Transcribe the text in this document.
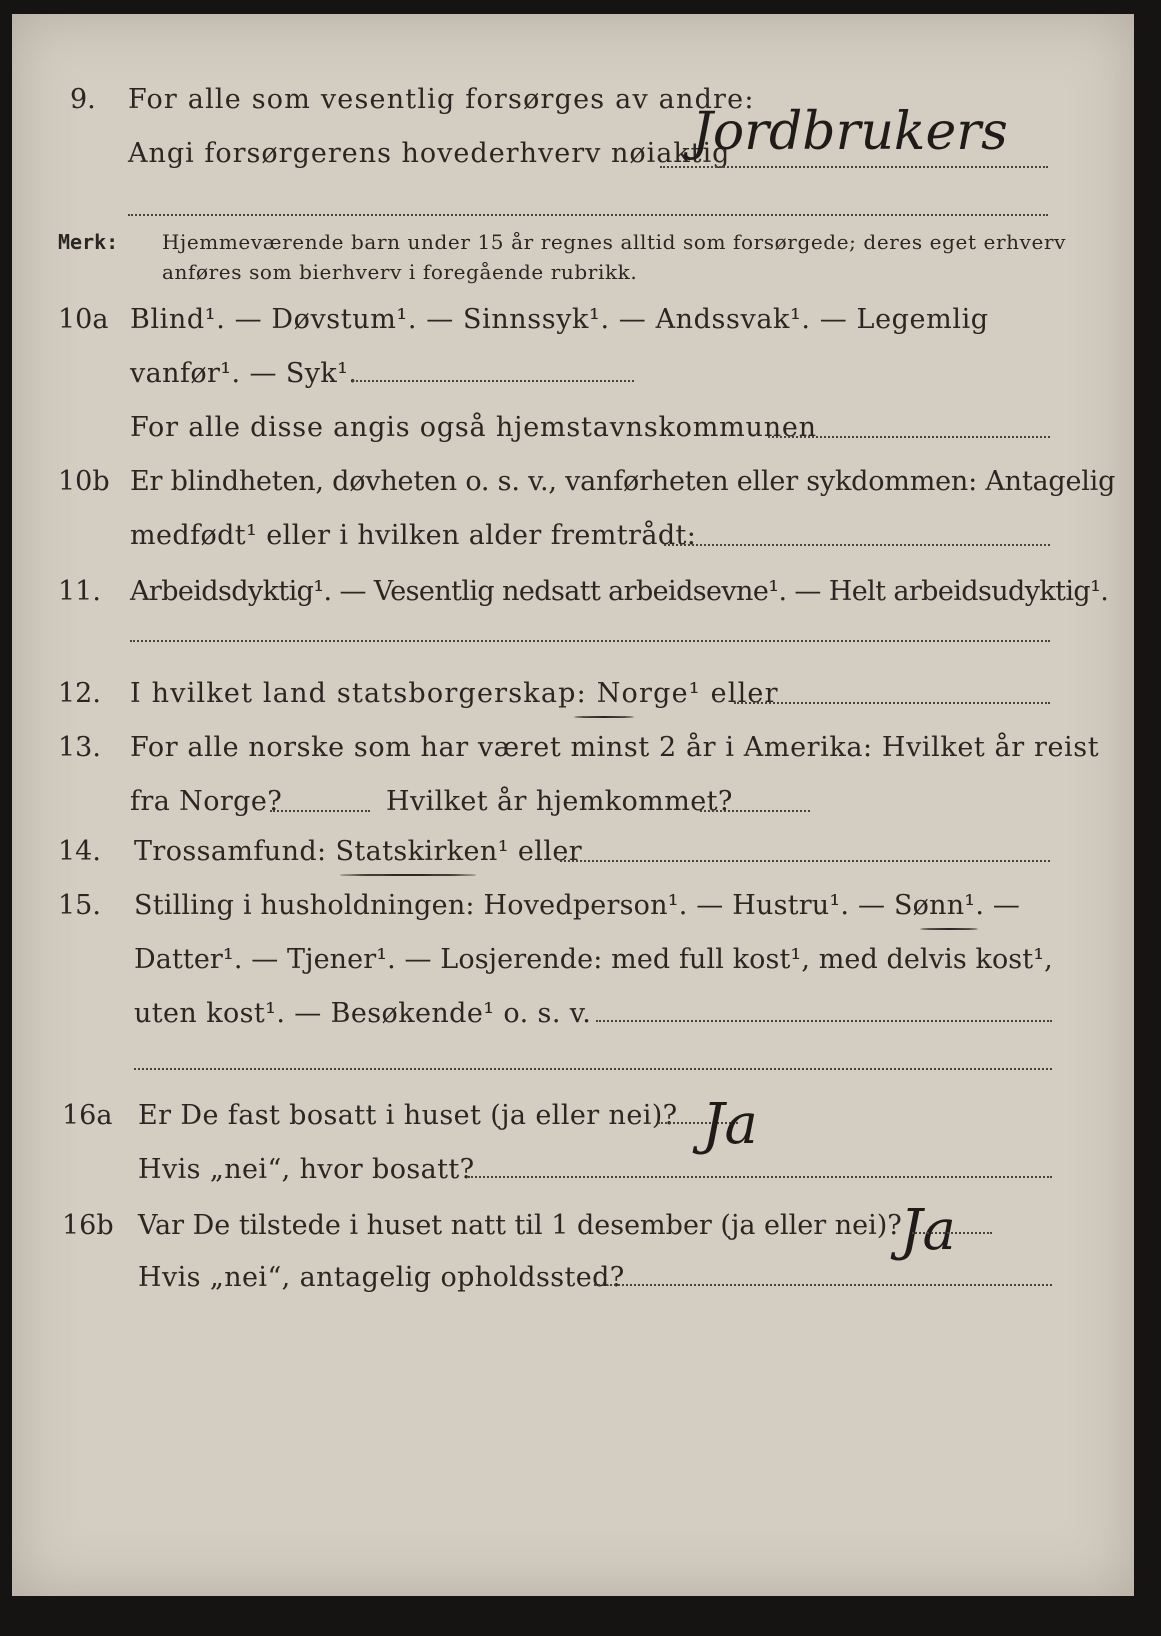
9. For alle som vesentlig forsørges av andre:
Angi forsørgerens hovederhverv nøiaktig
Jordbrukers
Merk: Hjemmeværende barn under 15 år regnes alltid som forsørgede; deres eget erhverv
anføres som bierhverv i foregående rubrikk.
10a Blind¹. — Døvstum¹. — Sinnssyk¹. — Andssvak¹. — Legemlig
vanfør¹. — Syk¹.
For alle disse angis også hjemstavnskommunen
10b Er blindheten, døvheten o. s. v., vanførheten eller sykdommen: Antagelig
medfødt¹ eller i hvilken alder fremtrådt:
11. Arbeidsdyktig¹. — Vesentlig nedsatt arbeidsevne¹. — Helt arbeidsudyktig¹.
12. I hvilket land statsborgerskap: Norge¹ eller
13. For alle norske som har været minst 2 år i Amerika: Hvilket år reist
fra Norge?	Hvilket år hjemkommet?
14. Trossamfund: Statskirken¹ eller
15. Stilling i husholdningen: Hovedperson¹. — Hustru¹. — Sønn¹. —
Datter¹. — Tjener¹. — Losjerende: med full kost¹, med delvis kost¹,
uten kost¹. — Besøkende¹ o. s. v.
16a Er De fast bosatt i huset (ja eller nei)? Ja
Hvis „nei“, hvor bosatt?
16b Var De tilstede i huset natt til 1 desember (ja eller nei)?
Ja
Hvis „nei“, antagelig opholdssted?
